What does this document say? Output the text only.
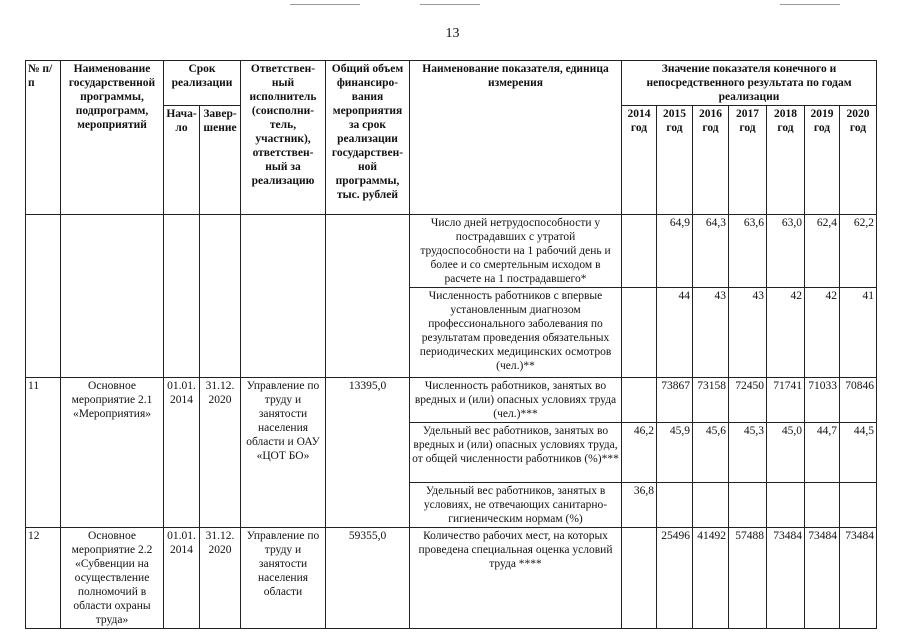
13
№ п/п	Наименование государственной программы, подпрограмм, мероприятий	Срок реализации		Ответствен-ный исполнитель (соисполни-тель, участник), ответствен-ный за реализацию	Общий объем финансиро-вания мероприятия за срок реализации государствен-ной программы, тыс. рублей	Наименование показателя, единица измерения	Значение показателя конечного и непосредственного результата по годам реализации						
		Нача-ло	Завер-шение				2014 год	2015 год	2016 год	2017 год	2018 год	2019 год	2020 год
						Число дней нетрудоспособности у пострадавших с утратой трудоспособности на 1 рабочий день и более и со смертельным исходом в расчете на 1 пострадавшего*		64,9	64,3	63,6	63,0	62,4	62,2
						Численность работников с впервые установленным диагнозом профессионального заболевания по результатам проведения обязательных периодических медицинских осмотров (чел.)**		44	43	43	42	42	41
11	Основное мероприятие 2.1 «Мероприятия»	01.01. 2014	31.12. 2020	Управление по труду и занятости населения области и ОАУ «ЦОТ БО»	13395,0	Численность работников, занятых во вредных и (или) опасных условиях труда (чел.)***		73867	73158	72450	71741	71033	70846
						Удельный вес работников, занятых во вредных и (или) опасных условиях труда, от общей численности работников (%)***	46,2	45,9	45,6	45,3	45,0	44,7	44,5
						Удельный вес работников, занятых в условиях, не отвечающих санитарно-гигиеническим нормам (%)	36,8						
12	Основное мероприятие 2.2 «Субвенции на осуществление полномочий в области охраны труда»	01.01. 2014	31.12. 2020	Управление по труду и занятости населения области	59355,0	Количество рабочих мест, на которых проведена специальная оценка условий труда ****		25496	41492	57488	73484	73484	73484
